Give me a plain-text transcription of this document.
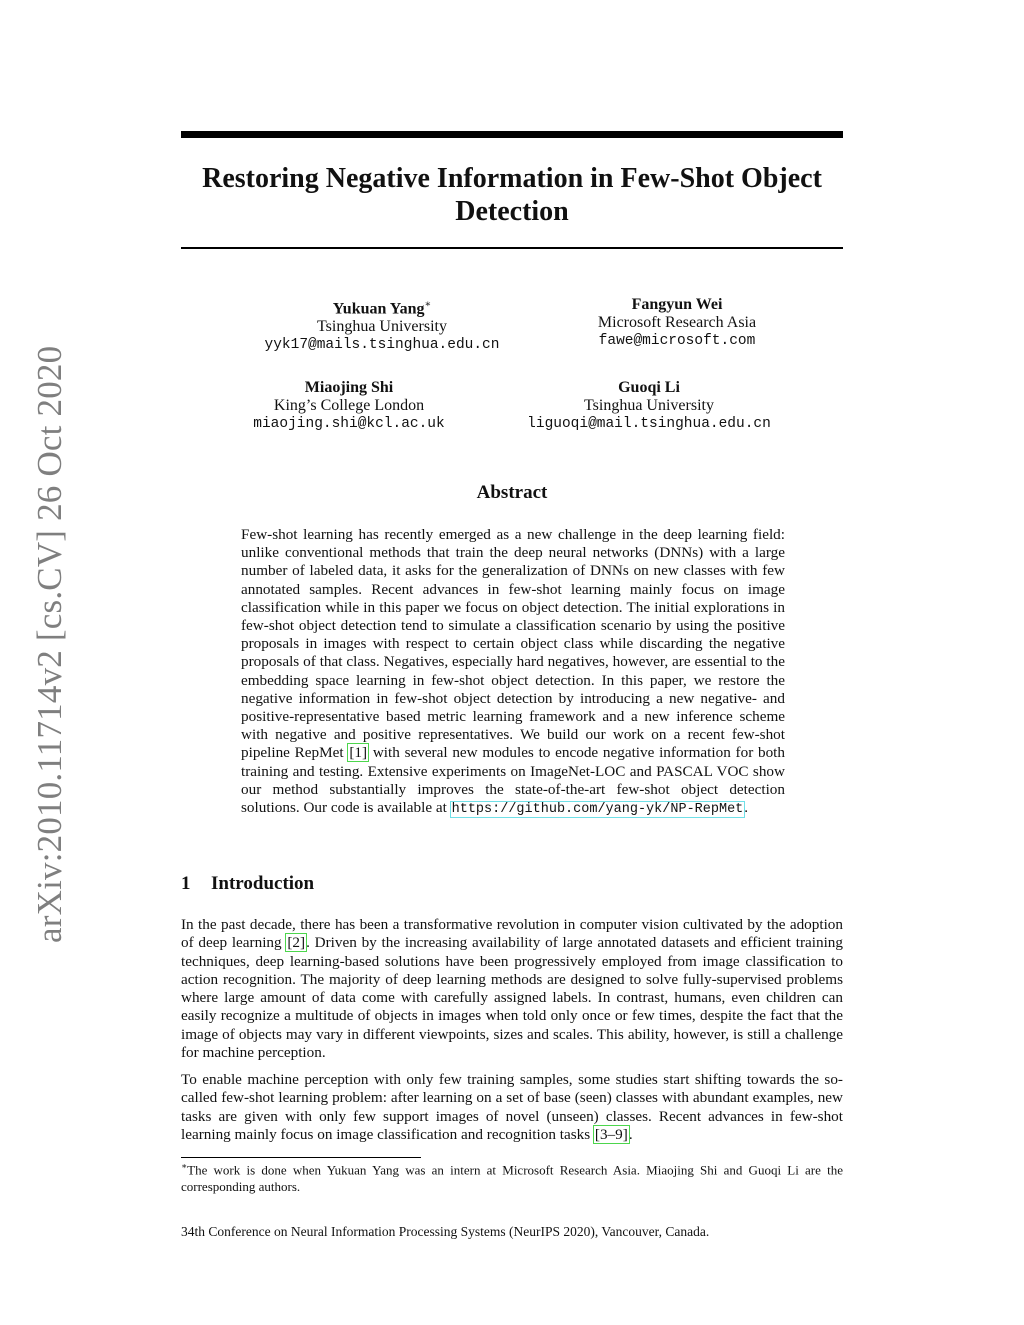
arXiv:2010.11714v2 [cs.CV] 26 Oct 2020
Restoring Negative Information in Few-Shot Object Detection
Yukuan Yang∗
Tsinghua University
yyk17@mails.tsinghua.edu.cn
Fangyun Wei
Microsoft Research Asia
fawe@microsoft.com
Miaojing Shi
King’s College London
miaojing.shi@kcl.ac.uk
Guoqi Li
Tsinghua University
liguoqi@mail.tsinghua.edu.cn
Abstract
Few-shot learning has recently emerged as a new challenge in the deep learning field: unlike conventional methods that train the deep neural networks (DNNs) with a large number of labeled data, it asks for the generalization of DNNs on new classes with few annotated samples. Recent advances in few-shot learning mainly focus on image classification while in this paper we focus on object detection. The initial explorations in few-shot object detection tend to simulate a classification scenario by using the positive proposals in images with respect to certain object class while discarding the negative proposals of that class. Negatives, especially hard negatives, however, are essential to the embedding space learning in few-shot object detection. In this paper, we restore the negative information in few-shot object detection by introducing a new negative- and positive-representative based metric learning framework and a new inference scheme with negative and positive representatives. We build our work on a recent few-shot pipeline RepMet [1] with several new modules to encode negative information for both training and testing. Extensive experiments on ImageNet-LOC and PASCAL VOC show our method substantially improves the state-of-the-art few-shot object detection solutions. Our code is available at https://github.com/yang-yk/NP-RepMet.
1 Introduction

In the past decade, there has been a transformative revolution in computer vision cultivated by the adoption of deep learning [2]. Driven by the increasing availability of large annotated datasets and efficient training techniques, deep learning-based solutions have been progressively employed from image classification to action recognition. The majority of deep learning methods are designed to solve fully-supervised problems where large amount of data come with carefully assigned labels. In contrast, humans, even children can easily recognize a multitude of objects in images when told only once or few times, despite the fact that the image of objects may vary in different viewpoints, sizes and scales. This ability, however, is still a challenge for machine perception.

To enable machine perception with only few training samples, some studies start shifting towards the so-called few-shot learning problem: after learning on a set of base (seen) classes with abundant examples, new tasks are given with only few support images of novel (unseen) classes. Recent advances in few-shot learning mainly focus on image classification and recognition tasks [3–9].

∗The work is done when Yukuan Yang was an intern at Microsoft Research Asia. Miaojing Shi and Guoqi Li are the corresponding authors.
34th Conference on Neural Information Processing Systems (NeurIPS 2020), Vancouver, Canada.
